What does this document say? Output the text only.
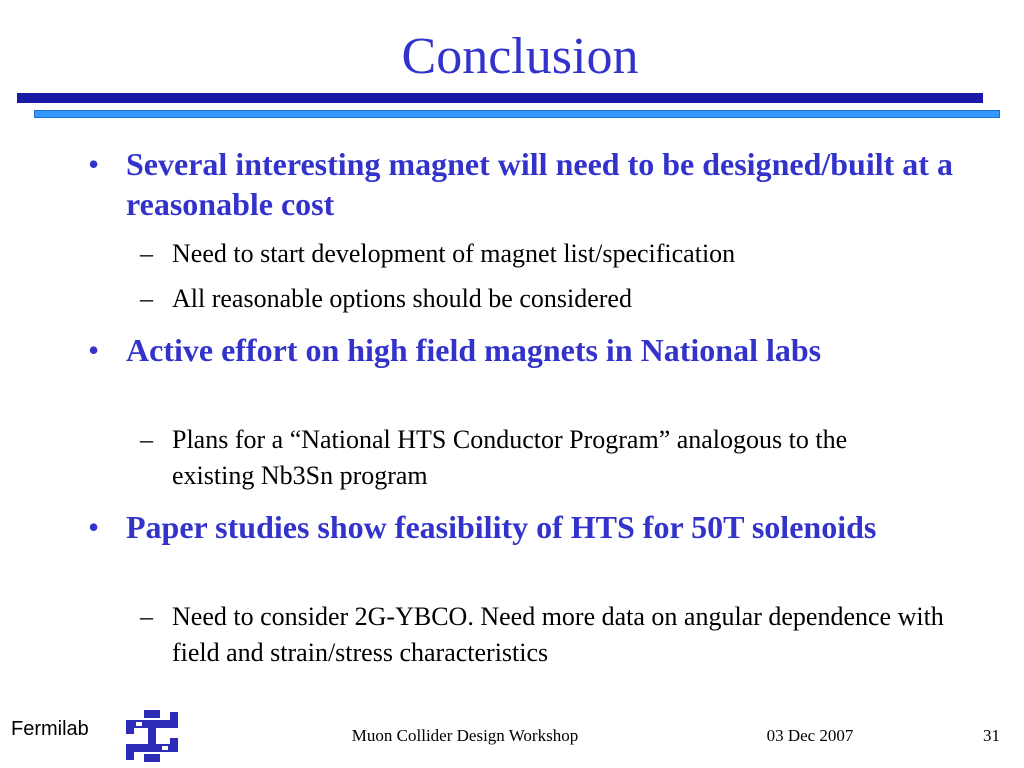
Conclusion
• Several interesting magnet will need to be designed/built at a reasonable cost
– Need to start development of magnet list/specification
– All reasonable options should be considered
• Active effort on high field magnets in National labs
– Plans for a “National HTS Conductor Program” analogous to the existing Nb3Sn program
• Paper studies show feasibility of HTS for 50T solenoids
– Need to consider 2G-YBCO. Need more data on angular dependence with field and strain/stress characteristics
Fermilab	Muon Collider Design Workshop	03 Dec 2007	31
